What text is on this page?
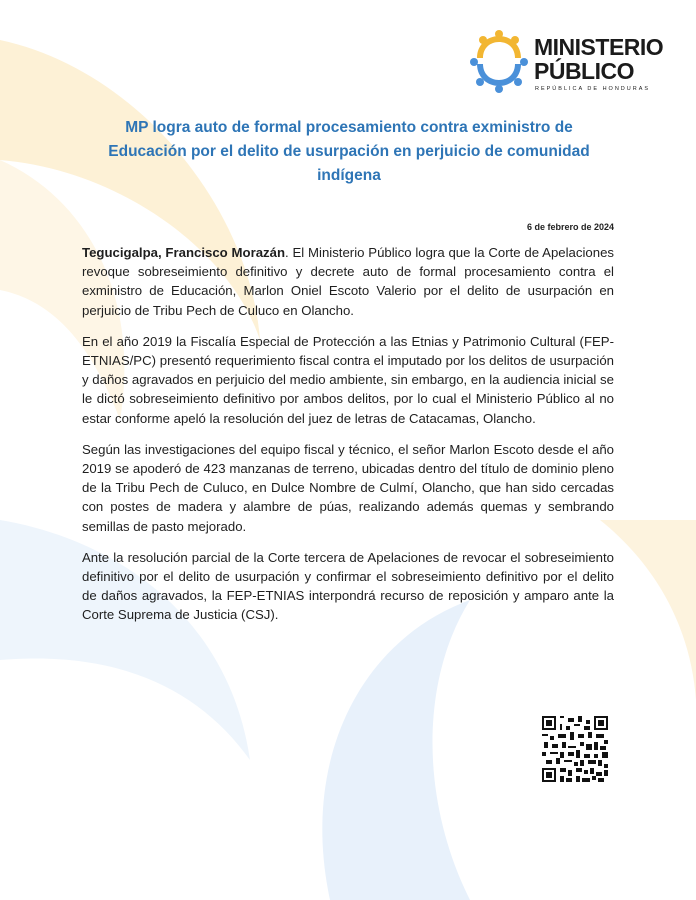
MINISTERIO
PÚBLICO
REPÚBLICA DE HONDURAS
MP logra auto de formal procesamiento contra exministro de Educación por el delito de usurpación en perjuicio de comunidad indígena
6 de febrero de 2024

Tegucigalpa, Francisco Morazán. El Ministerio Público logra que la Corte de Apelaciones revoque sobreseimiento definitivo y decrete auto de formal procesamiento contra el exministro de Educación, Marlon Oniel Escoto Valerio por el delito de usurpación en perjuicio de Tribu Pech de Culuco en Olancho.

En el año 2019 la Fiscalía Especial de Protección a las Etnias y Patrimonio Cultural (FEP-ETNIAS/PC) presentó requerimiento fiscal contra el imputado por los delitos de usurpación y daños agravados en perjuicio del medio ambiente, sin embargo, en la audiencia inicial se le dictó sobreseimiento definitivo por ambos delitos, por lo cual el Ministerio Público al no estar conforme apeló la resolución del juez de letras de Catacamas, Olancho.

Según las investigaciones del equipo fiscal y técnico, el señor Marlon Escoto desde el año 2019 se apoderó de 423 manzanas de terreno, ubicadas dentro del título de dominio pleno de la Tribu Pech de Culuco, en Dulce Nombre de Culmí, Olancho, que han sido cercadas con postes de madera y alambre de púas, realizando además quemas y sembrando semillas de pasto mejorado.

Ante la resolución parcial de la Corte tercera de Apelaciones de revocar el sobreseimiento definitivo por el delito de usurpación y confirmar el sobreseimiento definitivo por el delito de daños agravados, la FEP-ETNIAS interpondrá recurso de reposición y amparo ante la Corte Suprema de Justicia (CSJ).
